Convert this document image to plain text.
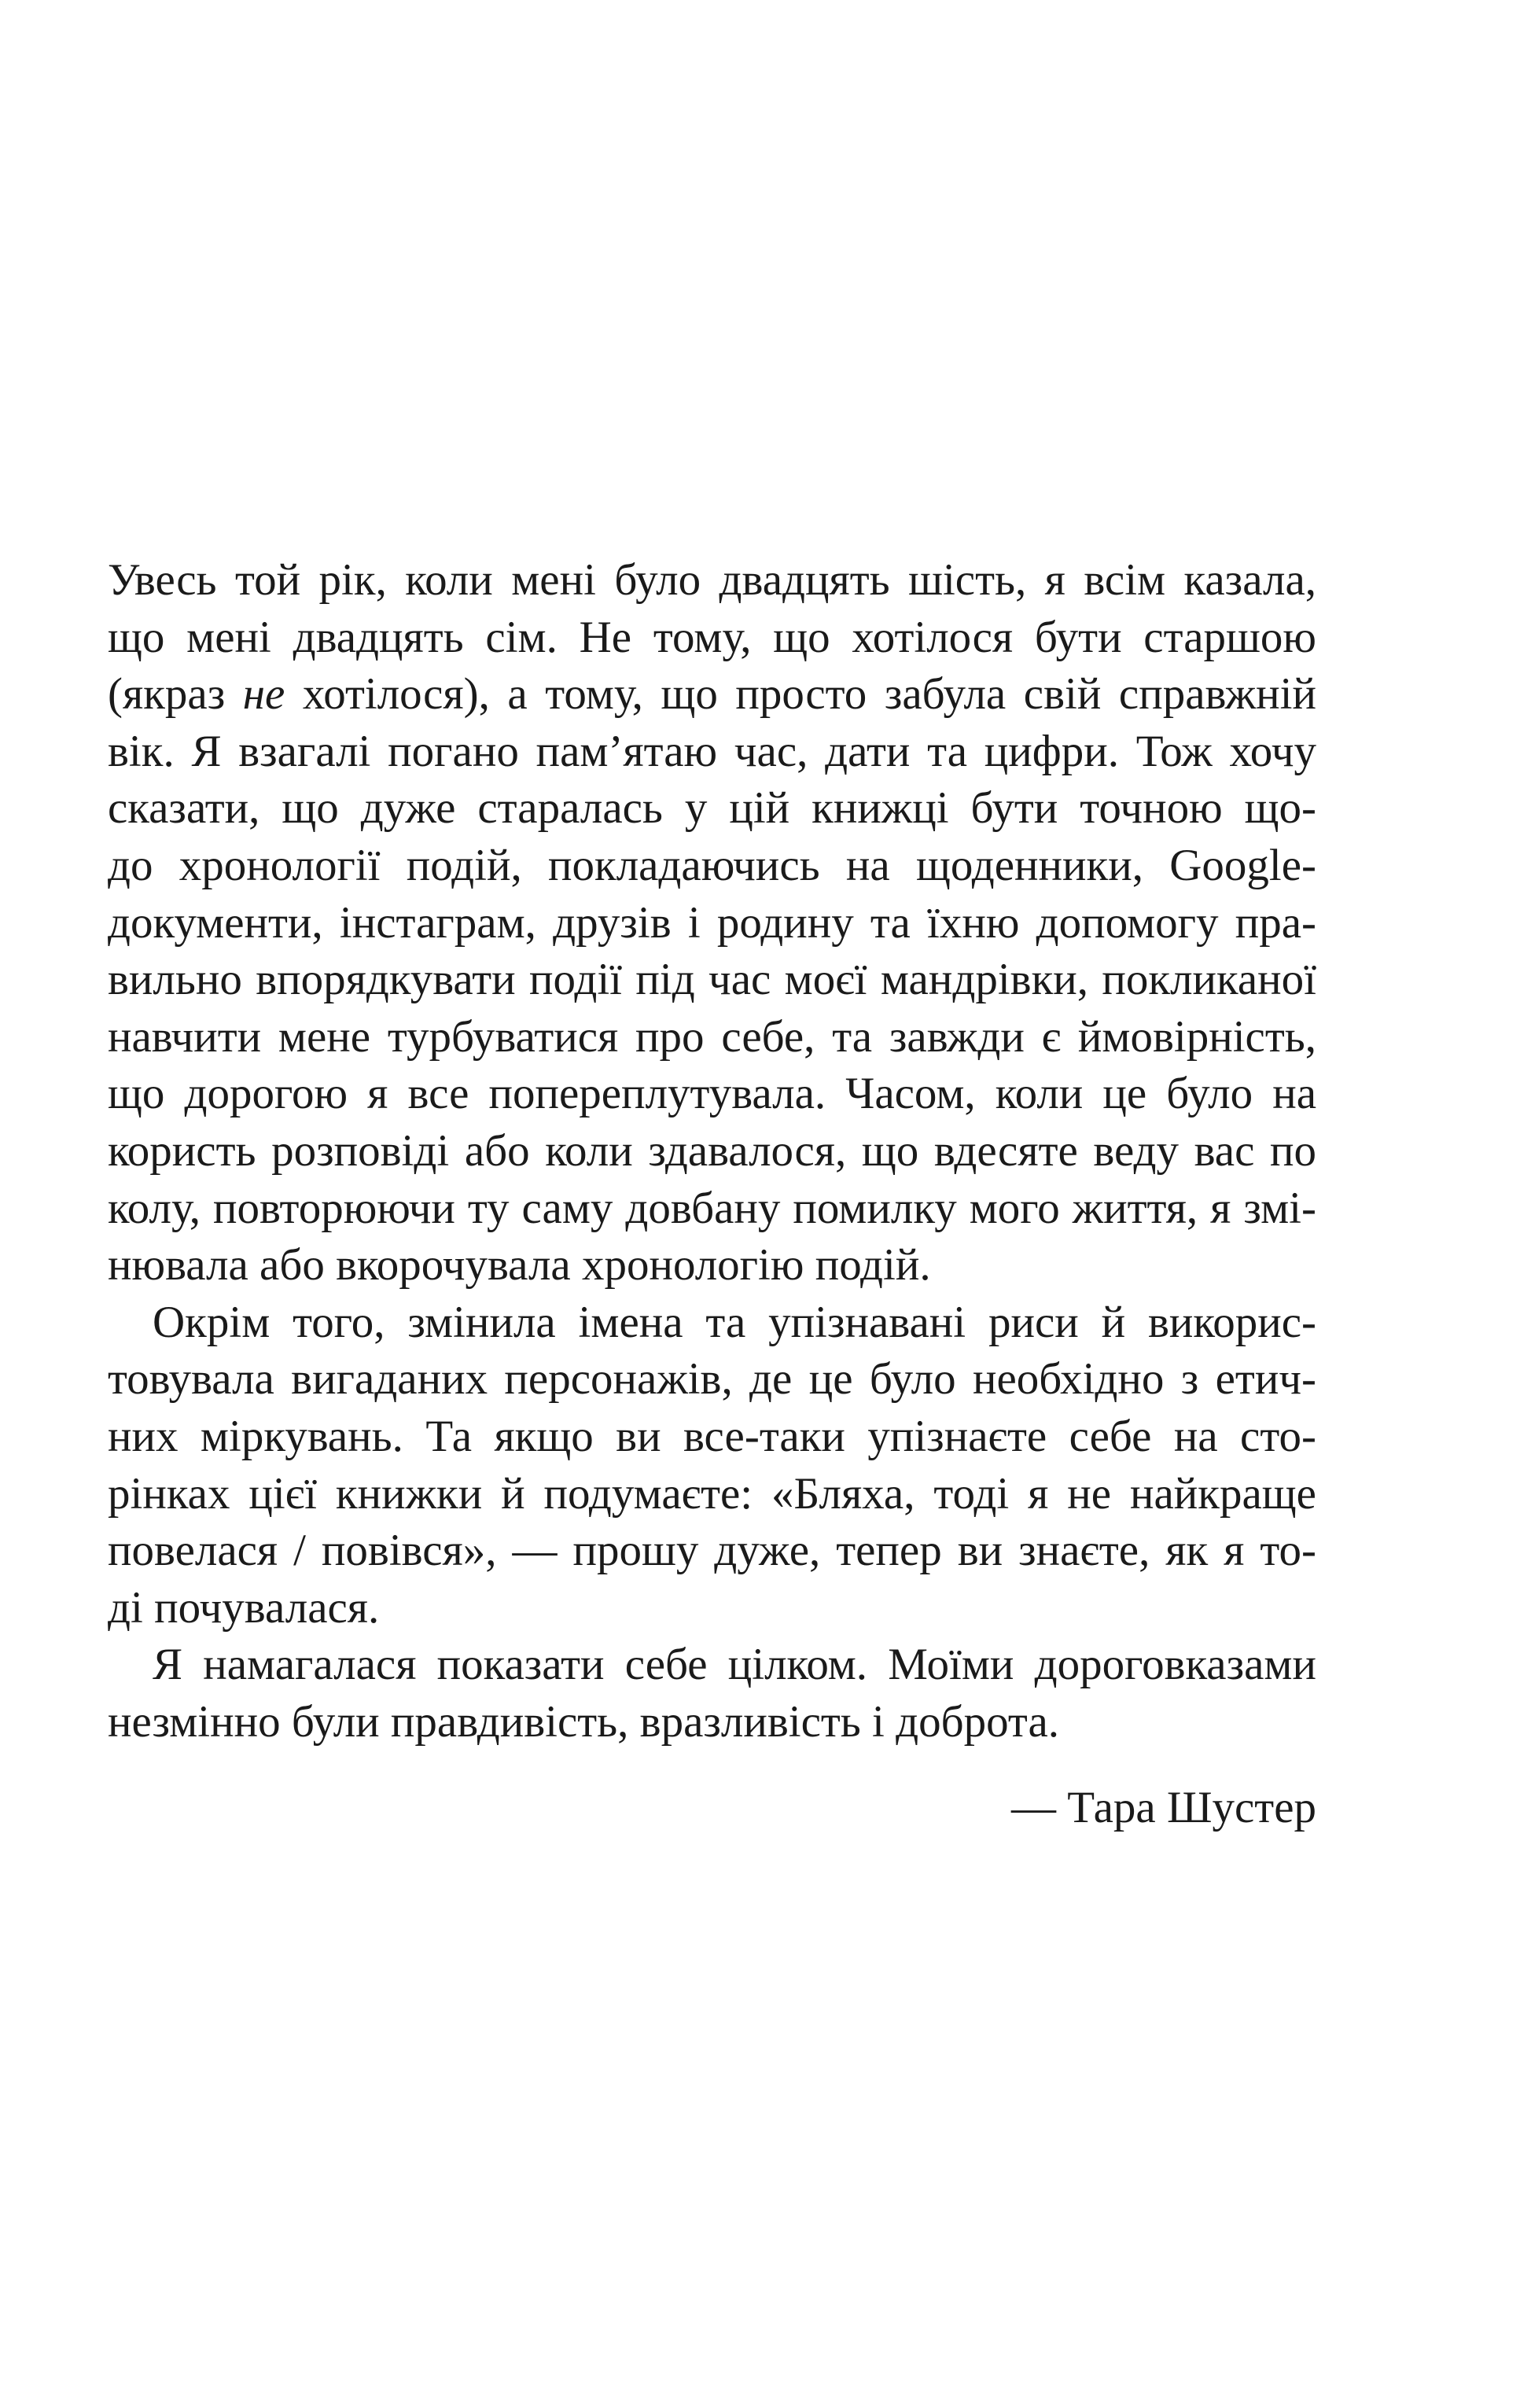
Увесь той рік, коли мені було двадцять шість, я всім казала,
що мені двадцять сім. Не тому, що хотілося бути старшою
(якраз не хотілося), а тому, що просто забула свій справжній
вік. Я взагалі погано пам’ятаю час, дати та цифри. Тож хочу
сказати, що дуже старалась у цій книжці бути точною що-
до хронології подій, покладаючись на щоденники, Google-
документи, інстаграм, друзів і родину та їхню допомогу пра-
вильно впорядкувати події під час моєї мандрівки, покликаної
навчити мене турбуватися про себе, та завжди є ймовірність,
що дорогою я все попереплутувала. Часом, коли це було на
користь розповіді або коли здавалося, що вдесяте веду вас по
колу, повторюючи ту саму довбану помилку мого життя, я змі-
нювала або вкорочувала хронологію подій.
Окрім того, змінила імена та упізнавані риси й викорис-
товувала вигаданих персонажів, де це було необхідно з етич-
них міркувань. Та якщо ви все-таки упізнаєте себе на сто-
рінках цієї книжки й подумаєте: «Бляха, тоді я не найкраще
повелася / повівся», — прошу дуже, тепер ви знаєте, як я то-
ді почувалася.
Я намагалася показати себе цілком. Моїми дороговказами
незмінно були правдивість, вразливість і доброта.
— Тара Шустер
